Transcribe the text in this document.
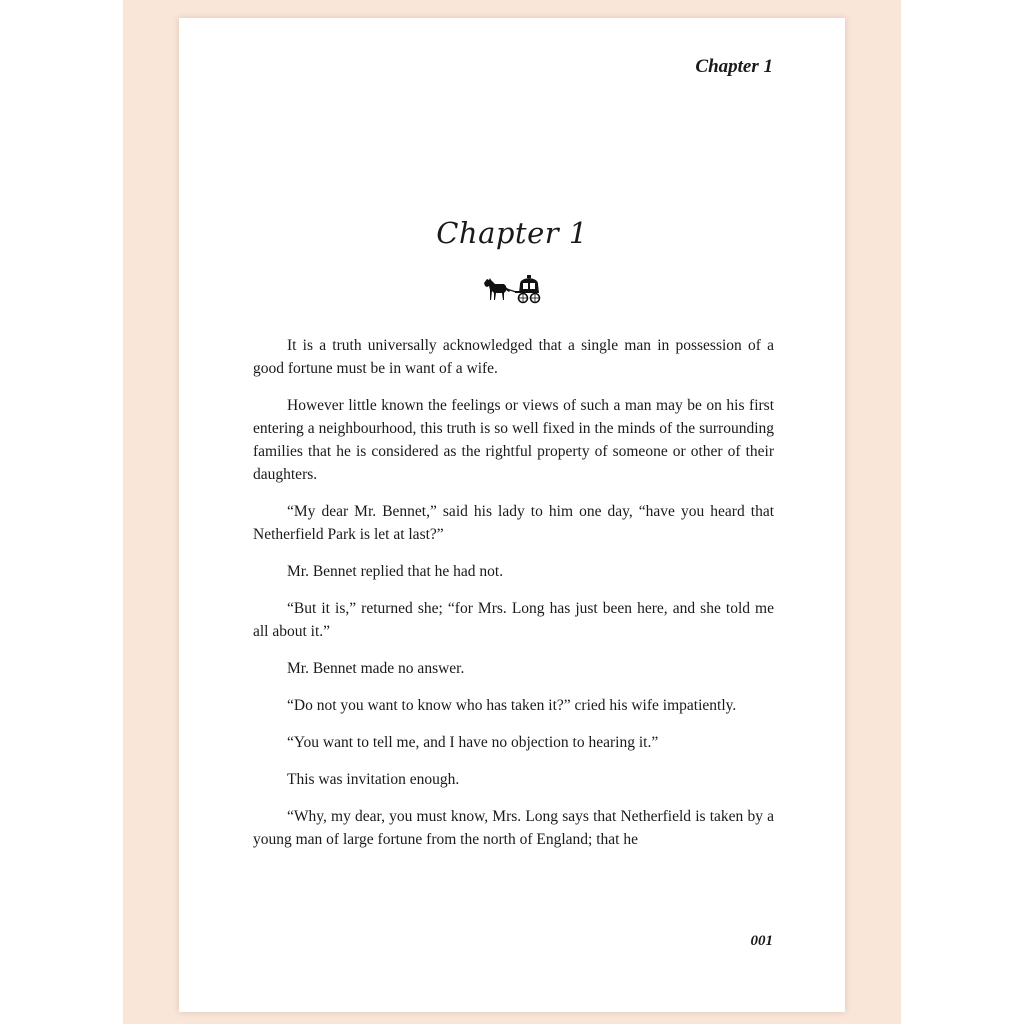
Chapter 1
Chapter 1

It is a truth universally acknowledged that a single man in possession of a good fortune must be in want of a wife.

However little known the feelings or views of such a man may be on his first entering a neighbourhood, this truth is so well fixed in the minds of the surrounding families that he is considered as the rightful property of someone or other of their daughters.

“My dear Mr. Bennet,” said his lady to him one day, “have you heard that Netherfield Park is let at last?”

Mr. Bennet replied that he had not.

“But it is,” returned she; “for Mrs. Long has just been here, and she told me all about it.”

Mr. Bennet made no answer.

“Do not you want to know who has taken it?” cried his wife impatiently.

“You want to tell me, and I have no objection to hearing it.”

This was invitation enough.

“Why, my dear, you must know, Mrs. Long says that Netherfield is taken by a young man of large fortune from the north of England; that he

001
